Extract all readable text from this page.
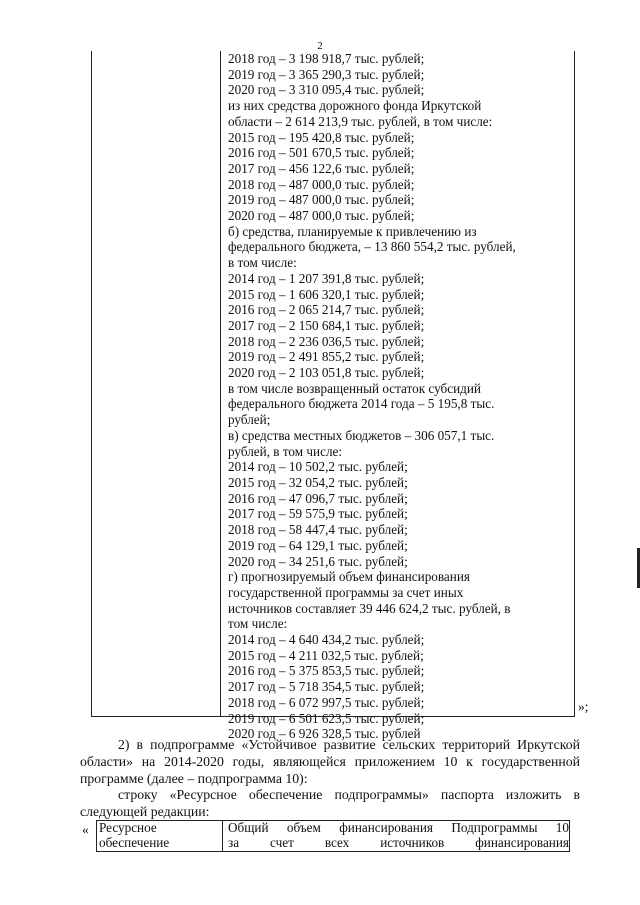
2
2018 год – 3 198 918,7 тыс. рублей;
2019 год – 3 365 290,3 тыс. рублей;
2020 год – 3 310 095,4 тыс. рублей;
из них средства дорожного фонда Иркутской
области – 2 614 213,9 тыс. рублей, в том числе:
2015 год – 195 420,8 тыс. рублей;
2016 год – 501 670,5 тыс. рублей;
2017 год – 456 122,6 тыс. рублей;
2018 год – 487 000,0 тыс. рублей;
2019 год – 487 000,0 тыс. рублей;
2020 год – 487 000,0 тыс. рублей;
б) средства, планируемые к привлечению из
федерального бюджета, – 13 860 554,2 тыс. рублей,
в том числе:
2014 год – 1 207 391,8 тыс. рублей;
2015 год – 1 606 320,1 тыс. рублей;
2016 год – 2 065 214,7 тыс. рублей;
2017 год – 2 150 684,1 тыс. рублей;
2018 год – 2 236 036,5 тыс. рублей;
2019 год – 2 491 855,2 тыс. рублей;
2020 год – 2 103 051,8 тыс. рублей;
в том числе возвращенный остаток субсидий
федерального бюджета 2014 года – 5 195,8 тыс.
рублей;
в) средства местных бюджетов – 306 057,1 тыс.
рублей, в том числе:
2014 год – 10 502,2 тыс. рублей;
2015 год – 32 054,2 тыс. рублей;
2016 год – 47 096,7 тыс. рублей;
2017 год – 59 575,9 тыс. рублей;
2018 год – 58 447,4 тыс. рублей;
2019 год – 64 129,1 тыс. рублей;
2020 год – 34 251,6 тыс. рублей;
г) прогнозируемый объем финансирования
государственной программы за счет иных
источников составляет 39 446 624,2 тыс. рублей, в
том числе:
2014 год – 4 640 434,2 тыс. рублей;
2015 год – 4 211 032,5 тыс. рублей;
2016 год – 5 375 853,5 тыс. рублей;
2017 год – 5 718 354,5 тыс. рублей;
2018 год – 6 072 997,5 тыс. рублей;
2019 год – 6 501 623,5 тыс. рублей;
2020 год – 6 926 328,5 тыс. рублей
»;
2) в подпрограмме «Устойчивое развитие сельских территорий Иркутской области» на 2014-2020 годы, являющейся приложением 10 к государственной программе (далее – подпрограмма 10):
строку «Ресурсное обеспечение подпрограммы» паспорта изложить в следующей редакции:
« Ресурсное
обеспечение
Общий объем финансирования Подпрограммы 10
за счет всех источников финансирования
